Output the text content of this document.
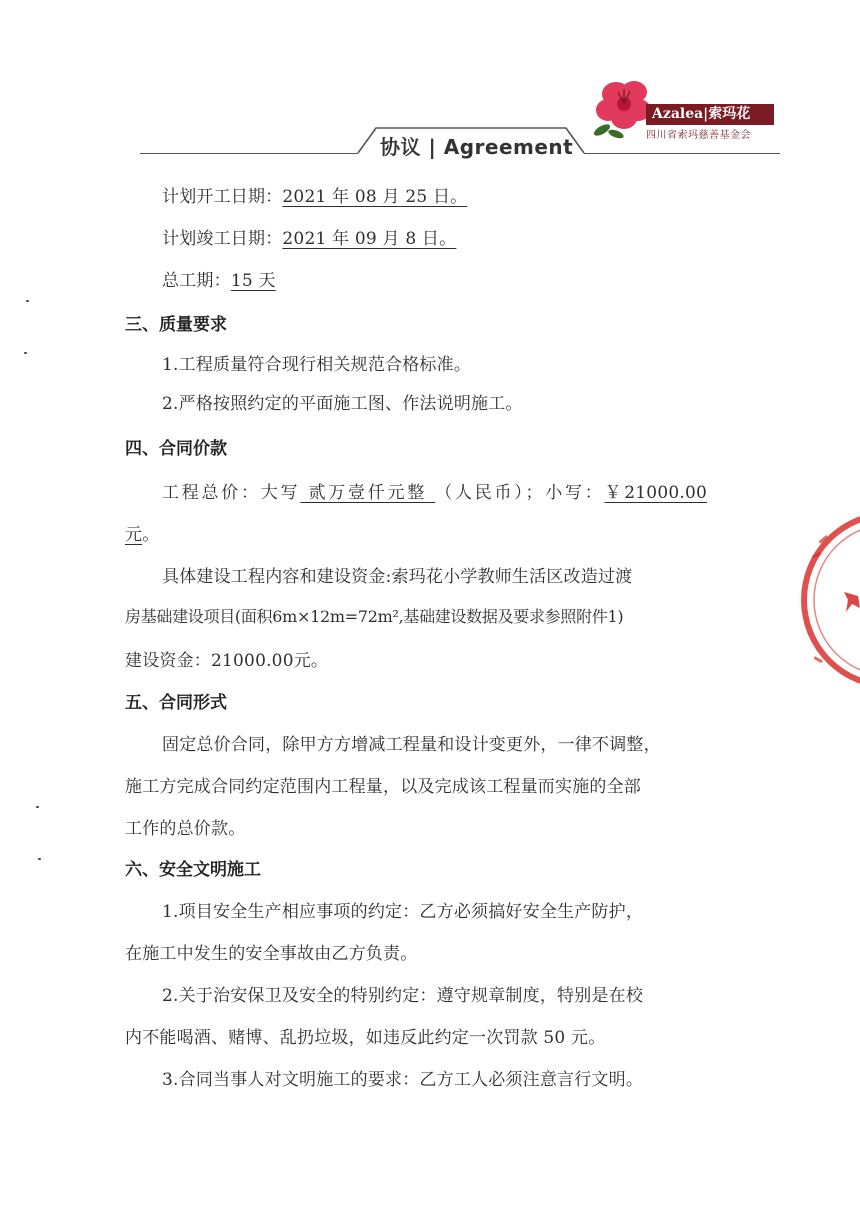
协议 | Agreement
Azalea|索玛花
四川省索玛慈善基金会
计划开工日期：2021 年 08 月 25 日。
计划竣工日期：2021 年 09 月 8 日。
总工期：15 天
三、质量要求
1.工程质量符合现行相关规范合格标准。
2.严格按照约定的平面施工图、作法说明施工。
四、合同价款
工程总价：大写 贰万壹仟元整 （人民币）；小写：￥21000.00
元。
具体建设工程内容和建设资金:索玛花小学教师生活区改造过渡
房基础建设项目(面积6m×12m=72m²,基础建设数据及要求参照附件1)
建设资金：21000.00元。
五、合同形式
固定总价合同，除甲方方增减工程量和设计变更外，一律不调整，
施工方完成合同约定范围内工程量，以及完成该工程量而实施的全部
工作的总价款。
六、安全文明施工
1.项目安全生产相应事项的约定：乙方必须搞好安全生产防护，
在施工中发生的安全事故由乙方负责。
2.关于治安保卫及安全的特别约定：遵守规章制度，特别是在校
内不能喝酒、赌博、乱扔垃圾，如违反此约定一次罚款 50 元。
3.合同当事人对文明施工的要求：乙方工人必须注意言行文明。
